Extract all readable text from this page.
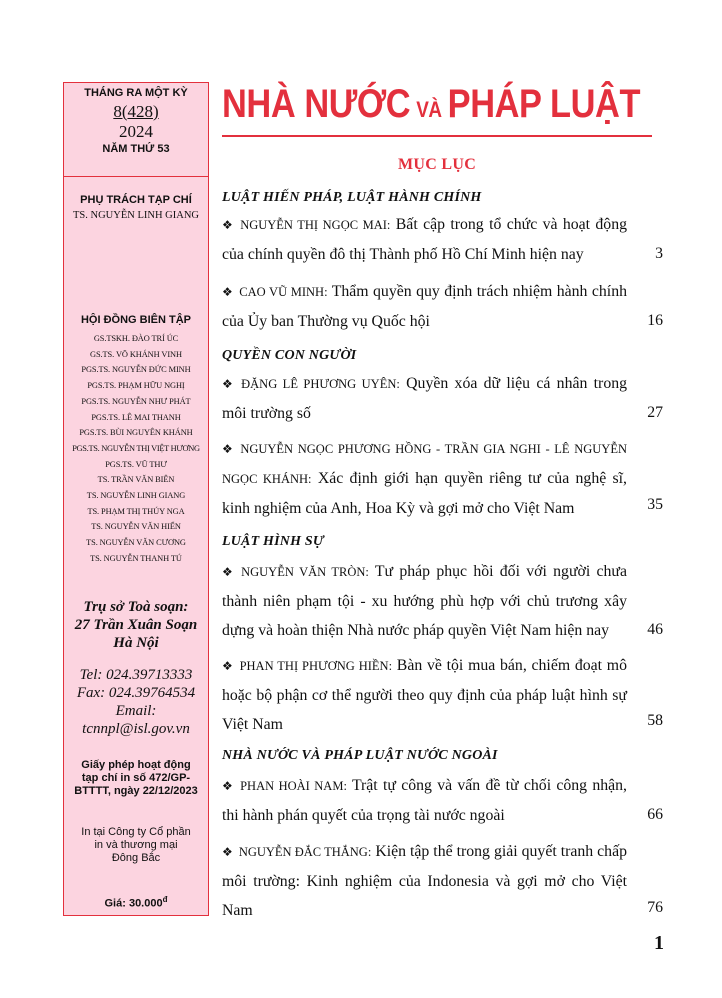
THÁNG RA MỘT KỲ
8(428)
2024
NĂM THỨ 53
PHỤ TRÁCH TẠP CHÍ
TS. NGUYỄN LINH GIANG
HỘI ĐỒNG BIÊN TẬP
GS.TSKH. ĐÀO TRÍ ÚC
GS.TS. VÕ KHÁNH VINH
PGS.TS. NGUYỄN ĐỨC MINH
PGS.TS. PHẠM HỮU NGHỊ
PGS.TS. NGUYỄN NHƯ PHÁT
PGS.TS. LÊ MAI THANH
PGS.TS. BÙI NGUYÊN KHÁNH
PGS.TS. NGUYỄN THỊ VIỆT HƯƠNG
PGS.TS. VŨ THƯ
TS. TRẦN VĂN BIÊN
TS. NGUYỄN LINH GIANG
TS. PHẠM THỊ THÚY NGA
TS. NGUYỄN VĂN HIỂN
TS. NGUYỄN VĂN CƯƠNG
TS. NGUYỄN THANH TÚ
Trụ sở Toà soạn:
27 Trần Xuân Soạn
Hà Nội
Tel: 024.39713333
Fax: 024.39764534
Email:
tcnnpl@isl.gov.vn
Giấy phép hoạt động
tạp chí in số 472/GP-
BTTTT, ngày 22/12/2023
In tại Công ty Cổ phần
in và thương mại
Đông Bắc
Giá: $30.000^đ$
NHÀ NƯỚC VÀ PHÁP LUẬT
MỤC LỤC
LUẬT HIẾN PHÁP, LUẬT HÀNH CHÍNH
❖ NGUYỄN THỊ NGỌC MAI: Bất cập trong tổ chức và hoạt động của chính quyền đô thị Thành phố Hồ Chí Minh hiện nay	3
❖ CAO VŨ MINH: Thẩm quyền quy định trách nhiệm hành chính của Ủy ban Thường vụ Quốc hội	16
QUYỀN CON NGƯỜI
❖ ĐẶNG LÊ PHƯƠNG UYÊN: Quyền xóa dữ liệu cá nhân trong môi trường số	27
❖ NGUYỄN NGỌC PHƯƠNG HỒNG - TRẦN GIA NGHI - LÊ NGUYỄN NGỌC KHÁNH: Xác định giới hạn quyền riêng tư của nghệ sĩ, kinh nghiệm của Anh, Hoa Kỳ và gợi mở cho Việt Nam	35
LUẬT HÌNH SỰ
❖ NGUYỄN VĂN TRÒN: Tư pháp phục hồi đối với người chưa thành niên phạm tội - xu hướng phù hợp với chủ trương xây dựng và hoàn thiện Nhà nước pháp quyền Việt Nam hiện nay	46
❖ PHAN THỊ PHƯƠNG HIỀN: Bàn về tội mua bán, chiếm đoạt mô hoặc bộ phận cơ thể người theo quy định của pháp luật hình sự Việt Nam	58
NHÀ NƯỚC VÀ PHÁP LUẬT NƯỚC NGOÀI
❖ PHAN HOÀI NAM: Trật tự công và vấn đề từ chối công nhận, thi hành phán quyết của trọng tài nước ngoài	66
❖ NGUYỄN ĐẮC THẮNG: Kiện tập thể trong giải quyết tranh chấp môi trường: Kinh nghiệm của Indonesia và gợi mở cho Việt Nam	76
1
